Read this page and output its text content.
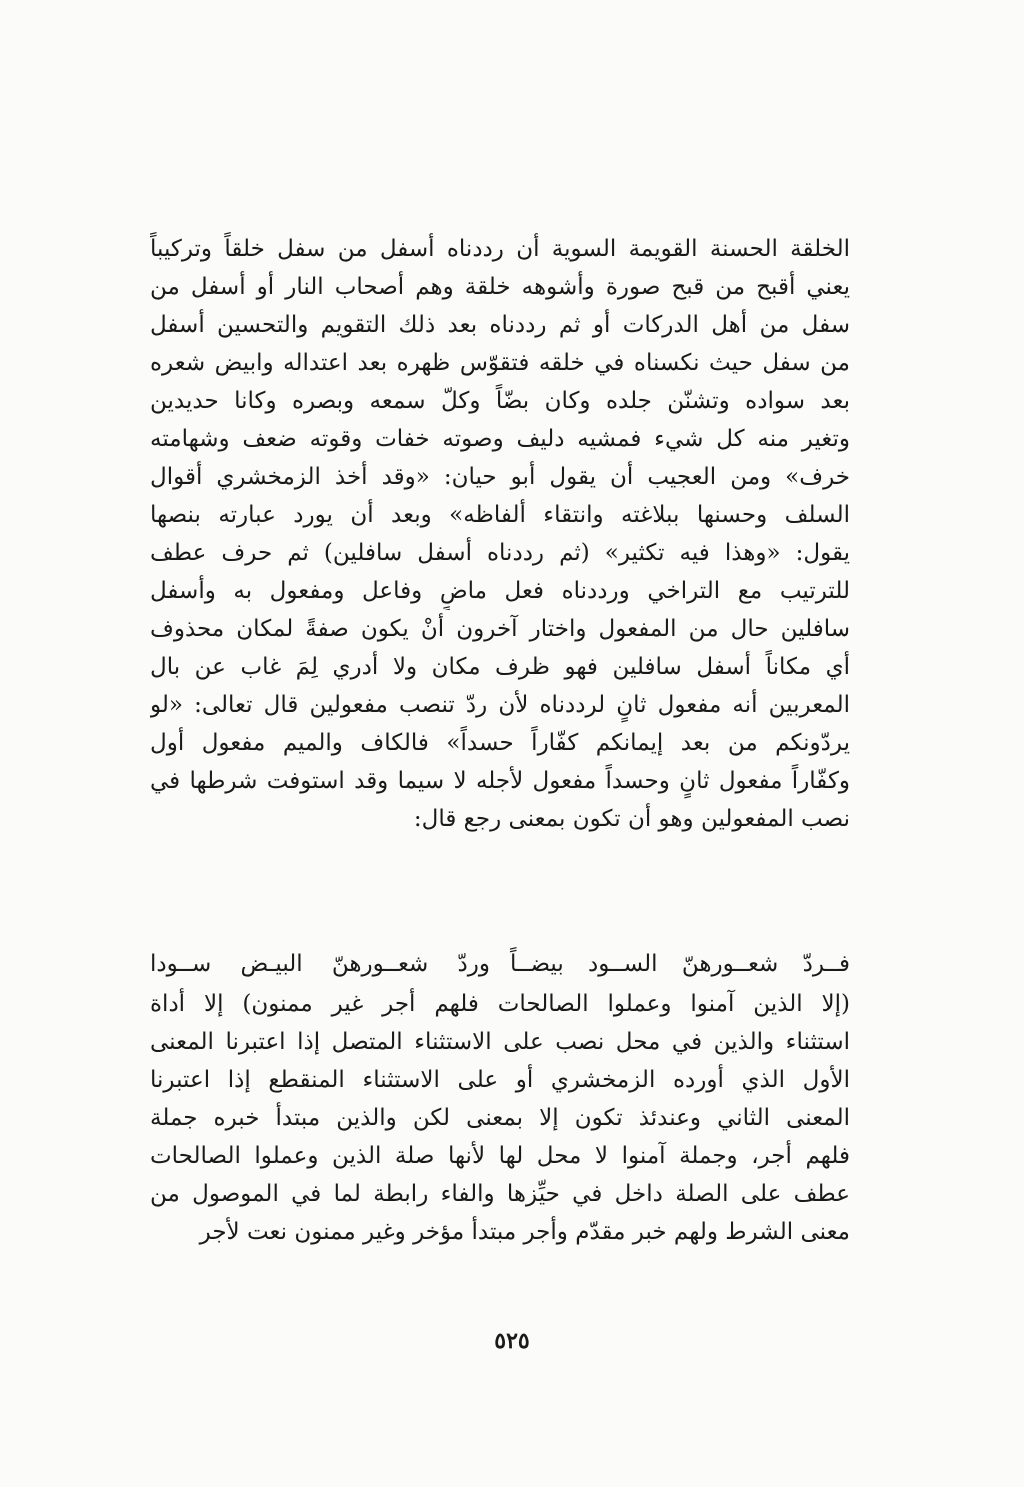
الخلقة الحسنة القويمة السوية أن رددناه أسفل من سفل خلقاً وتركيباً
يعني أقبح من قبح صورة وأشوهه خلقة وهم أصحاب النار أو أسفل من
سفل من أهل الدركات أو ثم رددناه بعد ذلك التقويم والتحسين أسفل
من سفل حيث نكسناه في خلقه فتقوّس ظهره بعد اعتداله وابيض شعره
بعد سواده وتشنّن جلده وكان بضّاً وكلّ سمعه وبصره وكانا حديدين
وتغير منه كل شيء فمشيه دليف وصوته خفات وقوته ضعف وشهامته
خرف» ومن العجيب أن يقول أبو حيان: «وقد أخذ الزمخشري أقوال
السلف وحسنها ببلاغته وانتقاء ألفاظه» وبعد أن يورد عبارته بنصها
يقول: «وهذا فيه تكثير» (ثم رددناه أسفل سافلين) ثم حرف عطف
للترتيب مع التراخي ورددناه فعل ماضٍ وفاعل ومفعول به وأسفل
سافلين حال من المفعول واختار آخرون أنْ يكون صفةً لمكان محذوف
أي مكاناً أسفل سافلين فهو ظرف مكان ولا أدري لِمَ غاب عن بال
المعربين أنه مفعول ثانٍ لرددناه لأن ردّ تنصب مفعولين قال تعالى: «لو
يردّونكم من بعد إيمانكم كفّاراً حسداً» فالكاف والميم مفعول أول
وكفّاراً مفعول ثانٍ وحسداً مفعول لأجله لا سيما وقد استوفت شرطها في
نصب المفعولين وهو أن تكون بمعنى رجع قال:
فــردّ شعــورهنّ الســود بيضــاً
وردّ شعــورهنّ البيـض ســودا
(إلا الذين آمنوا وعملوا الصالحات فلهم أجر غير ممنون) إلا أداة
استثناء والذين في محل نصب على الاستثناء المتصل إذا اعتبرنا المعنى
الأول الذي أورده الزمخشري أو على الاستثناء المنقطع إذا اعتبرنا
المعنى الثاني وعندئذ تكون إلا بمعنى لكن والذين مبتدأ خبره جملة
فلهم أجر، وجملة آمنوا لا محل لها لأنها صلة الذين وعملوا الصالحات
عطف على الصلة داخل في حيِّزها والفاء رابطة لما في الموصول من
معنى الشرط ولهم خبر مقدّم وأجر مبتدأ مؤخر وغير ممنون نعت لأجر
٥٢٥
